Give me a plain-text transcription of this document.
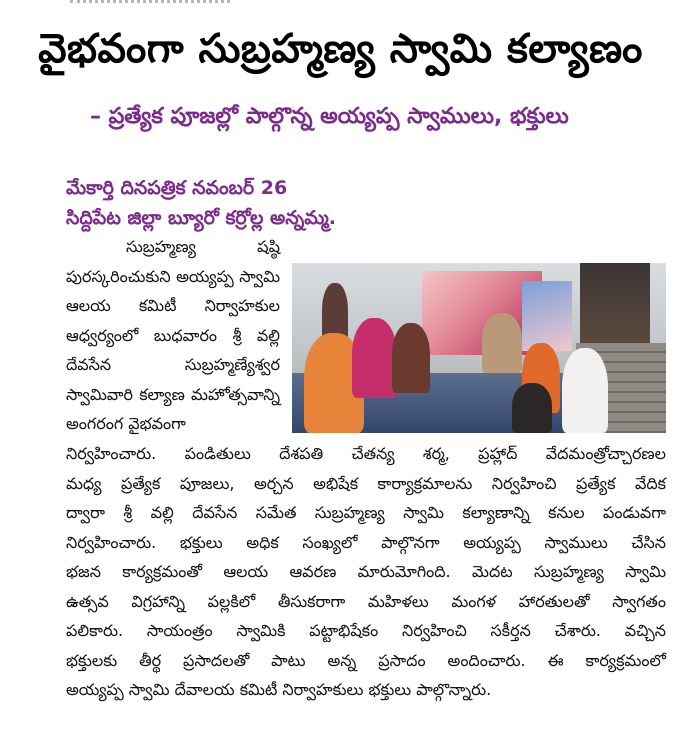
వైభవంగా సుబ్రహ్మణ్య స్వామి కల్యాణం
– ప్రత్యేక పూజల్లో పాల్గొన్న అయ్యప్ప స్వాములు, భక్తులు
మేకార్తి దినపత్రిక నవంబర్ 26
సిద్దిపేట జిల్లా బ్యూరో కర్రోల్ల అన్నమ్మ.

సుబ్రహ్మణ్య షష్ఠి పురస్కరించుకుని అయ్యప్ప స్వామి ఆలయ కమిటీ నిర్వాహకుల ఆధ్వర్యంలో బుధవారం శ్రీ వల్లి దేవసేన సుబ్రహ్మణ్యేశ్వర స్వామివారి కల్యాణ మహోత్సవాన్ని అంగరంగ వైభవంగా

నిర్వహించారు. పండితులు దేశపతి చేతన్య శర్మ, ప్రహ్లాద్ వేదమంత్రోచ్చారణల
మధ్య ప్రత్యేక పూజలు, అర్చన అభిషేక కార్యాక్రమాలను నిర్వహించి ప్రత్యేక వేదిక
ద్వారా శ్రీ వల్లి దేవసేన సమేత సుబ్రహ్మణ్య స్వామి కల్యాణాన్ని కనుల పండువగా
నిర్వహించారు. భక్తులు అధిక సంఖ్యలో పాల్గొనగా అయ్యప్ప స్వాములు చేసిన
భజన కార్యక్రమంతో ఆలయ ఆవరణ మారుమోగింది. మెదట సుబ్రహ్మణ్య స్వామి
ఉత్సవ విగ్రహాన్ని పల్లకిలో తీసుకరాగా మహిళలు మంగళ హారతులతో స్వాగతం
పలికారు. సాయంత్రం స్వామికి పట్టాభిషేకం నిర్వహించి సకీర్తన చేశారు. వచ్చిన
భక్తులకు తీర్థ ప్రసాదలతో పాటు అన్న ప్రసాదం అందించారు. ఈ కార్యక్రమంలో
అయ్యప్ప స్వామి దేవాలయ కమిటీ నిర్వాహకులు భక్తులు పాల్గొన్నారు.
